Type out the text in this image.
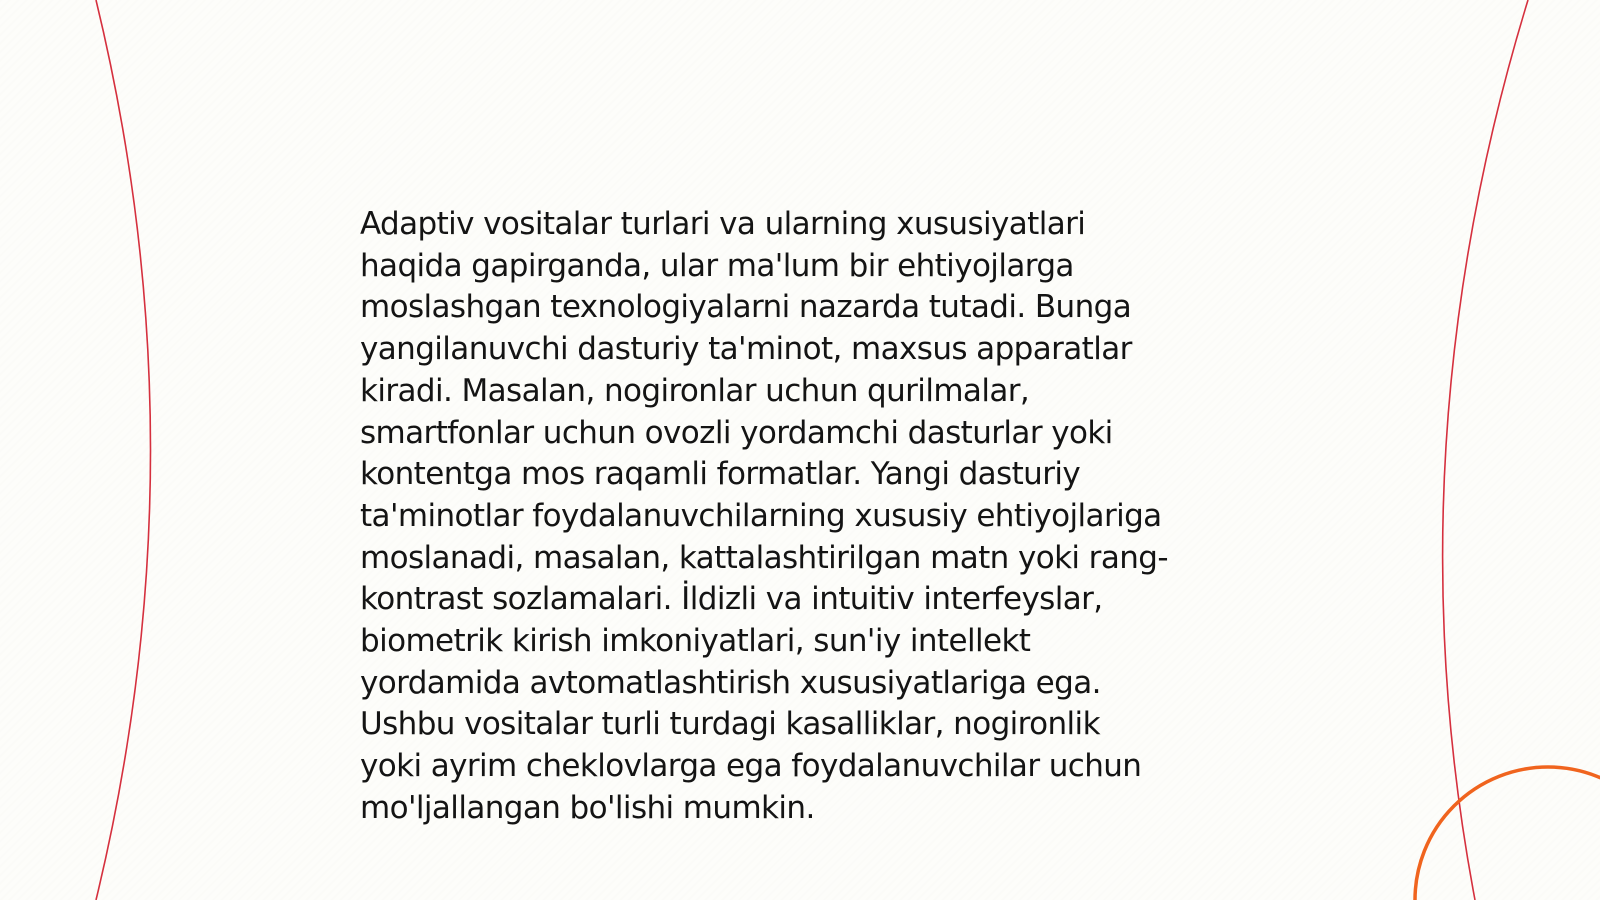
Adaptiv vositalar turlari va ularning xususiyatlari
haqida gapirganda, ular ma'lum bir ehtiyojlarga
moslashgan texnologiyalarni nazarda tutadi. Bunga
yangilanuvchi dasturiy ta'minot, maxsus apparatlar
kiradi. Masalan, nogironlar uchun qurilmalar,
smartfonlar uchun ovozli yordamchi dasturlar yoki
kontentga mos raqamli formatlar. Yangi dasturiy
ta'minotlar foydalanuvchilarning xususiy ehtiyojlariga
moslanadi, masalan, kattalashtirilgan matn yoki rang-
kontrast sozlamalari. İldizli va intuitiv interfeyslar,
biometrik kirish imkoniyatlari, sun'iy intellekt
yordamida avtomatlashtirish xususiyatlariga ega.
Ushbu vositalar turli turdagi kasalliklar, nogironlik
yoki ayrim cheklovlarga ega foydalanuvchilar uchun
mo'ljallangan bo'lishi mumkin.
